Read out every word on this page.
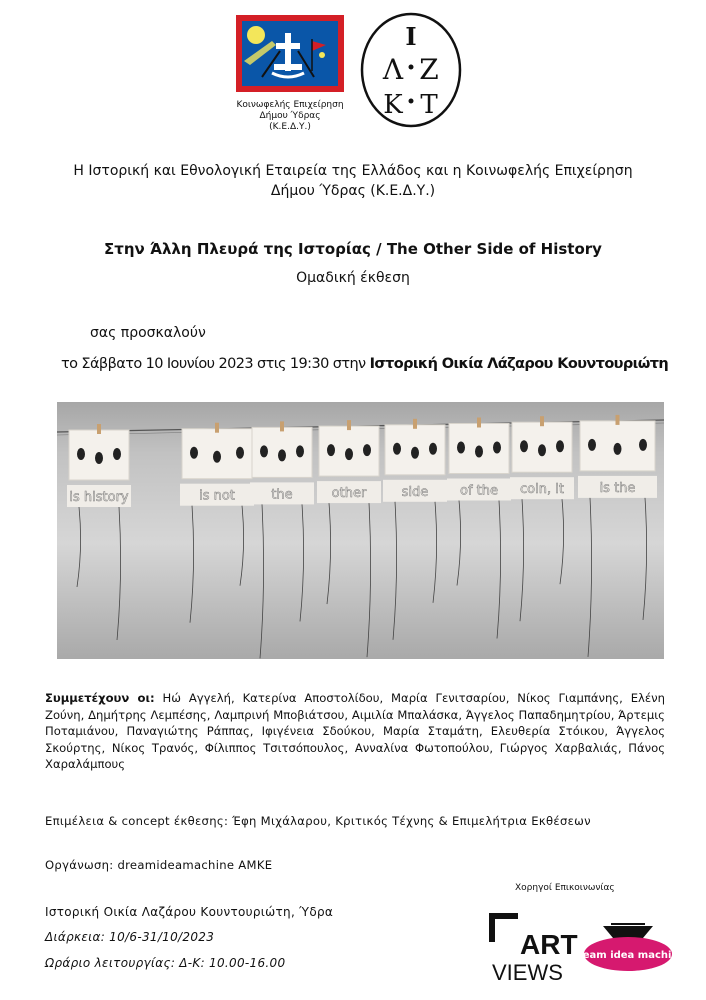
Κοινωφελής Επιχείρηση
Δήμου Ύδρας
(Κ.Ε.Δ.Υ.)
Ι
Λ Ζ
Κ Τ
Η Ιστορική και Εθνολογική Εταιρεία της Ελλάδος και η Κοινωφελής Επιχείρηση
Δήμου Ύδρας (Κ.Ε.Δ.Υ.)
Στην Άλλη Πλευρά της Ιστορίας / The Other Side of History
Ομαδική έκθεση
σας προσκαλούν
το Σάββατο 10 Ιουνίου 2023 στις 19:30 στην Ιστορική Οικία Λάζαρου Κουντουριώτη
is history	is not	the	other	side of the coin, it	is the
Συμμετέχουν οι: Ηώ Αγγελή, Κατερίνα Αποστολίδου, Μαρία Γενιτσαρίου, Νίκος Γιαμπάνης, Ελένη Ζούνη, Δημήτρης Λεμπέσης, Λαμπρινή Μποβιάτσου, Αιμιλία Μπαλάσκα, Άγγελος Παπαδημητρίου, Άρτεμις Ποταμιάνου, Παναγιώτης Ράππας, Ιφιγένεια Σδούκου, Μαρία Σταμάτη, Ελευθερία Στόικου, Άγγελος Σκούρτης, Νίκος Τρανός, Φίλιππος Τσιτσόπουλος, Ανναλίνα Φωτοπούλου, Γιώργος Χαρβαλιάς, Πάνος Χαραλάμπους
Επιμέλεια & concept έκθεσης: Έφη Μιχάλαρου, Κριτικός Τέχνης & Επιμελήτρια Εκθέσεων
Οργάνωση: dreamideamachine ΑΜΚΕ
Χορηγοί Επικοινωνίας
Ιστορική Οικία Λαζάρου Κουντουριώτη, Ύδρα
Διάρκεια: 10/6-31/10/2023
Ωράριο λειτουργίας: Δ-Κ: 10.00-16.00
ART
VIEWS
dream idea machine
